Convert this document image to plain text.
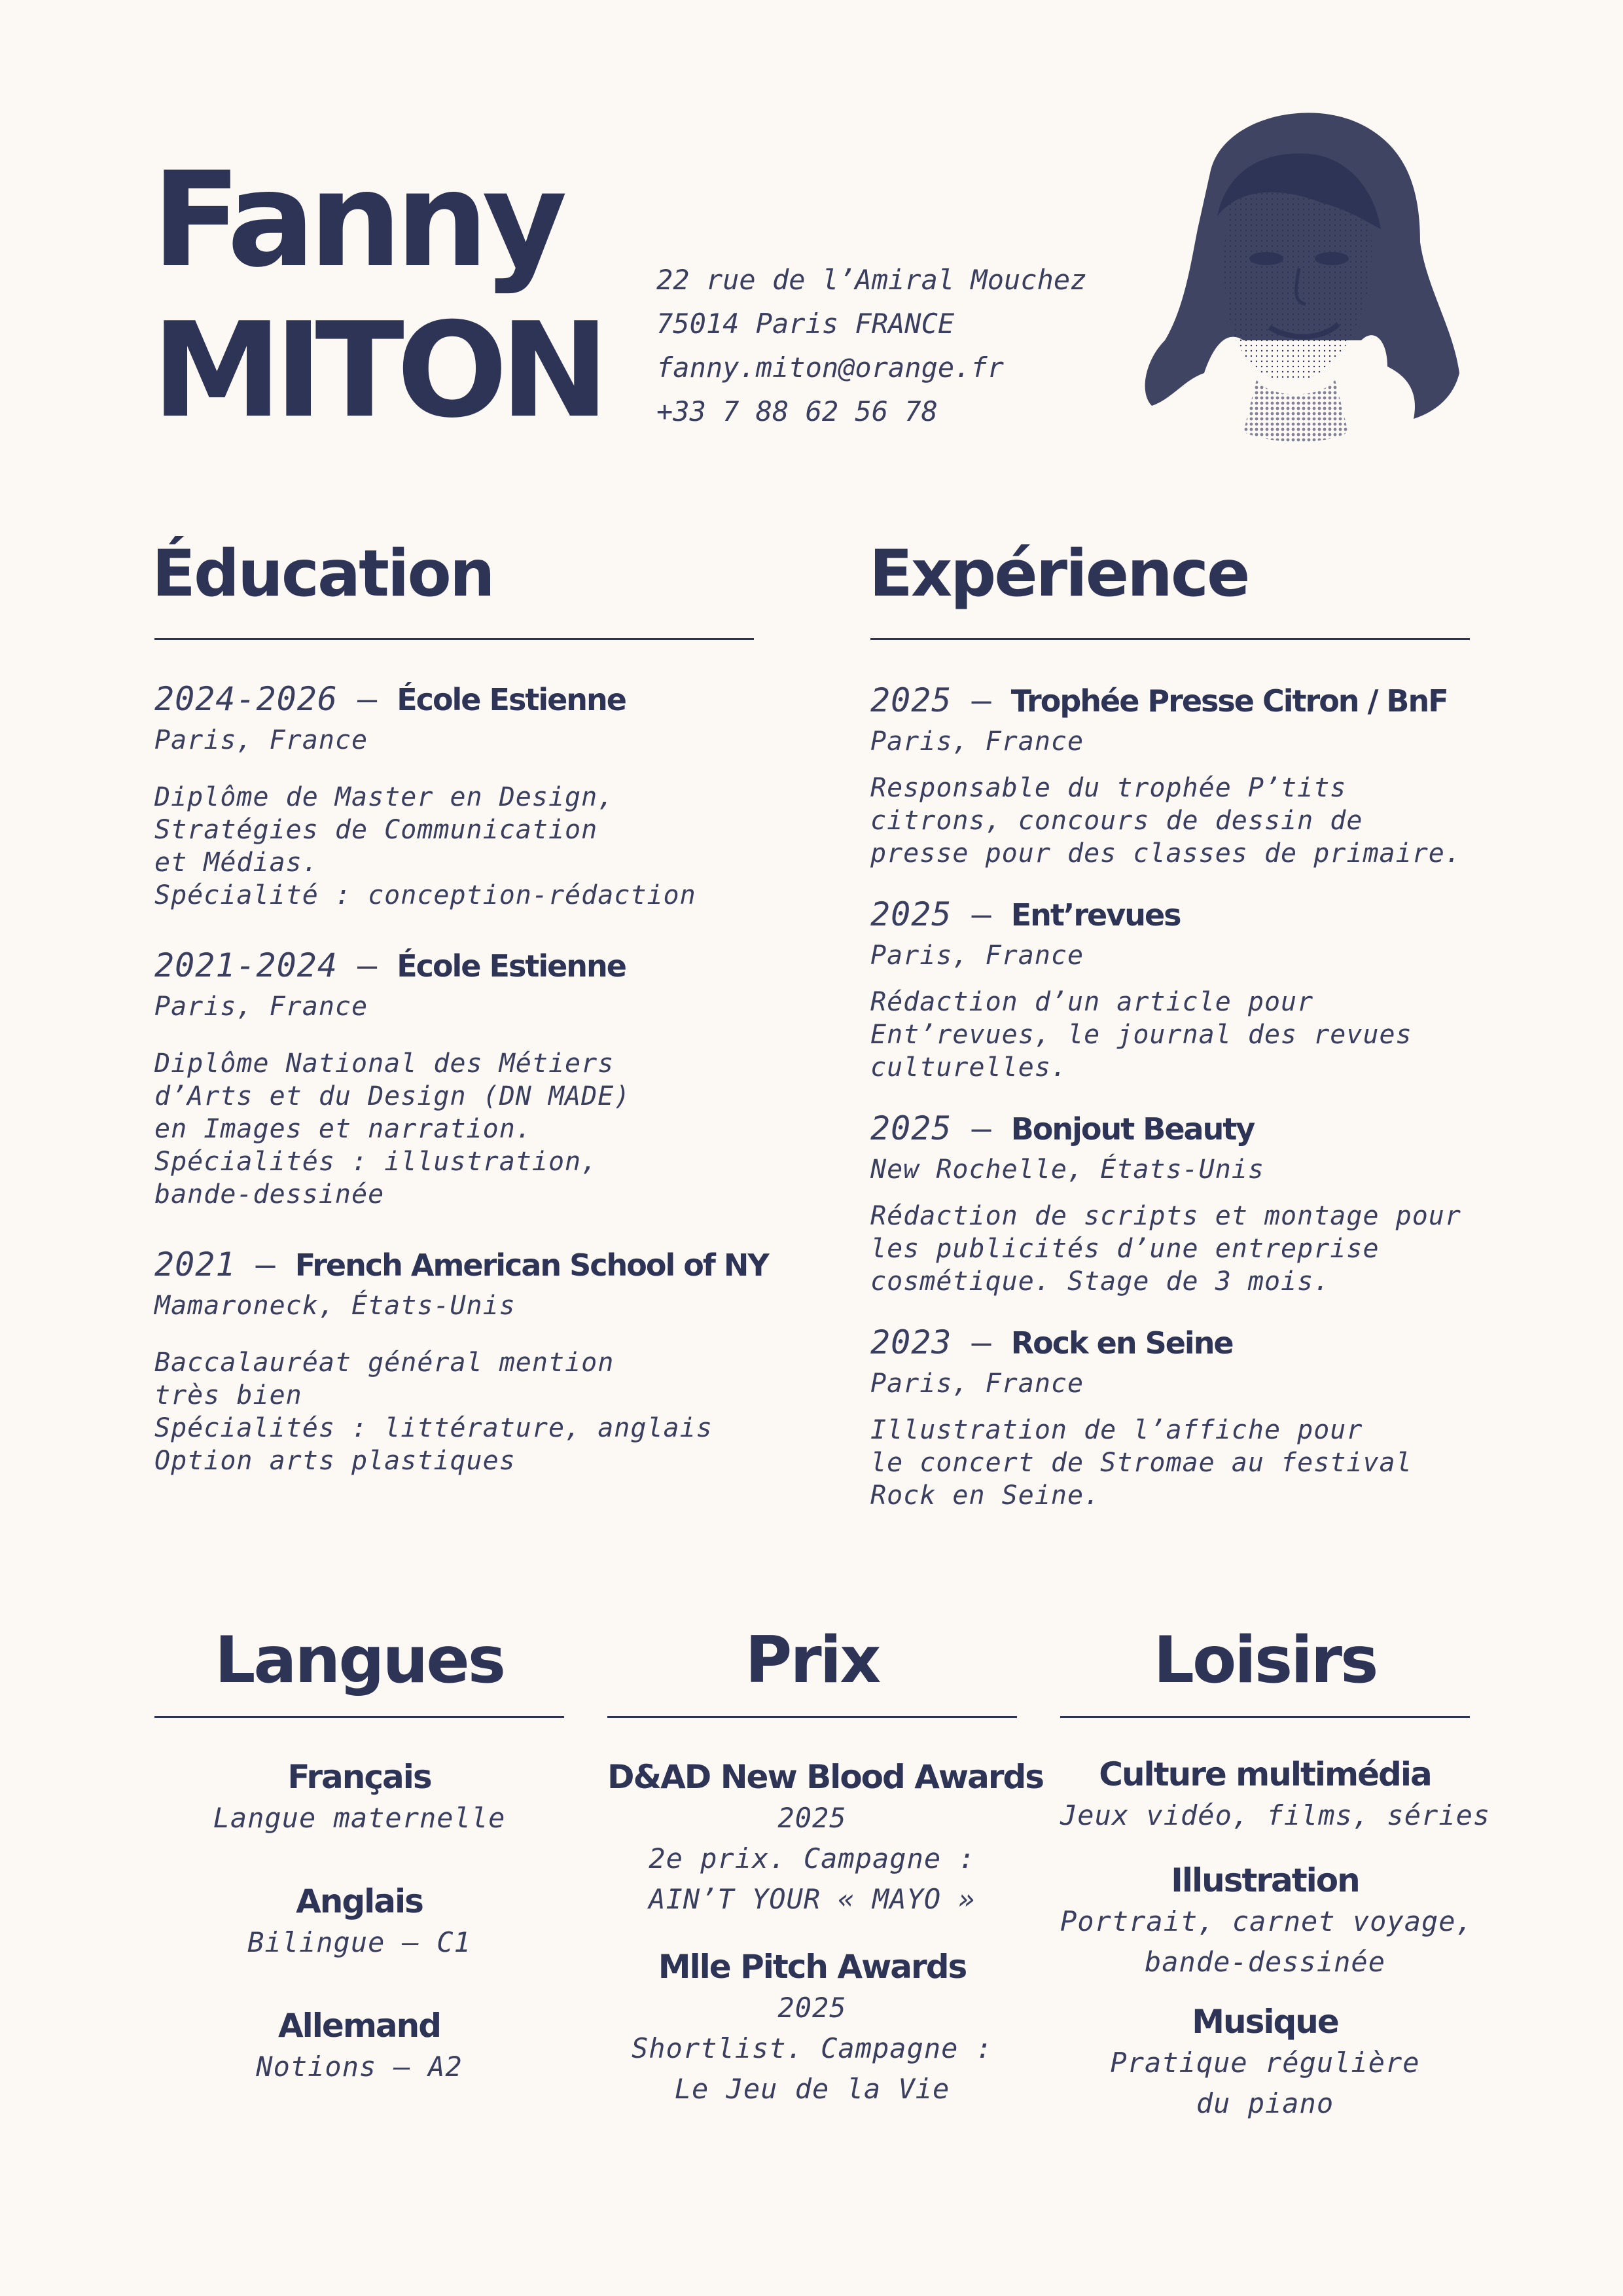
Fanny
MITON
22 rue de l’Amiral Mouchez
75014 Paris FRANCE
fanny.miton@orange.fr
+33 7 88 62 56 78
Éducation
2024-2026 — École Estienne
Paris, France
Diplôme de Master en Design,
Stratégies de Communication
et Médias.
Spécialité : conception-rédaction
2021-2024 — École Estienne
Paris, France
Diplôme National des Métiers
d’Arts et du Design (DN MADE)
en Images et narration.
Spécialités : illustration,
bande-dessinée
2021 — French American School of NY
Mamaroneck, États-Unis
Baccalauréat général mention
très bien
Spécialités : littérature, anglais
Option arts plastiques
Expérience
2025 — Trophée Presse Citron / BnF
Paris, France
Responsable du trophée P’tits
citrons, concours de dessin de
presse pour des classes de primaire.
2025 — Ent’revues
Paris, France
Rédaction d’un article pour
Ent’revues, le journal des revues
culturelles.
2025 — Bonjout Beauty
New Rochelle, États-Unis
Rédaction de scripts et montage pour
les publicités d’une entreprise
cosmétique. Stage de 3 mois.
2023 — Rock en Seine
Paris, France
Illustration de l’affiche pour
le concert de Stromae au festival
Rock en Seine.
Langues
Français
Langue maternelle
Anglais
Bilingue — C1
Allemand
Notions — A2
Prix
D&AD New Blood Awards
2025
2e prix. Campagne :
AIN’T YOUR « MAYO »
Mlle Pitch Awards
2025
Shortlist. Campagne :
Le Jeu de la Vie
Loisirs
Culture multimédia
Jeux vidéo, films, séries
Illustration
Portrait, carnet voyage,
bande-dessinée
Musique
Pratique régulière
du piano
